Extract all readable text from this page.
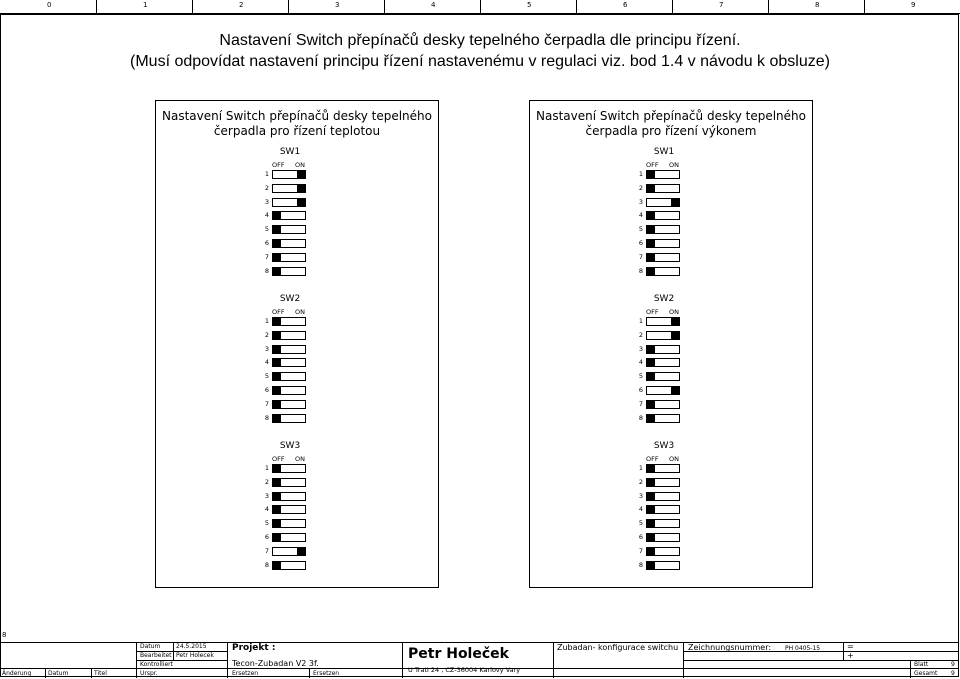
0	1	2	3	4	5	6	7	8	9
Nastavení Switch přepínačů desky tepelného čerpadla dle principu řízení.
(Musí odpovídat nastavení principu řízení nastavenému v regulaci viz. bod 1.4 v návodu k obsluze)
Nastavení Switch přepínačů desky tepelného
čerpadla pro řízení teplotou
SW1
OFF ON
1
2
3
4
5
6
7
8
SW2
OFF ON
1
2
3
4
5
6
7
8
SW3
OFF ON
1
2
3
4
5
6
7
8
Nastavení Switch přepínačů desky tepelného
čerpadla pro řízení výkonem
SW1
OFF ON
1
2
3
4
5
6
7
8
SW2
OFF ON
1
2
3
4
5
6
7
8
SW3
OFF ON
1
2
3
4
5
6
7
8
8
Datum	24.5.2015
Bearbeitet Petr Holecek
Kontrolliert
Urspr.
Projekt :
Tecon-Zubadan V2 3f.
Ersetzen	Ersetzen
Petr Holeček
U Trati 24 , CZ-36004 Karlovy Vary
Zubadan- konfigurace switchu Zeichnungsnummer: PH 0405-15	=
+
Blatt	9
Gesamt 9
Änderung	Datum	Titel
